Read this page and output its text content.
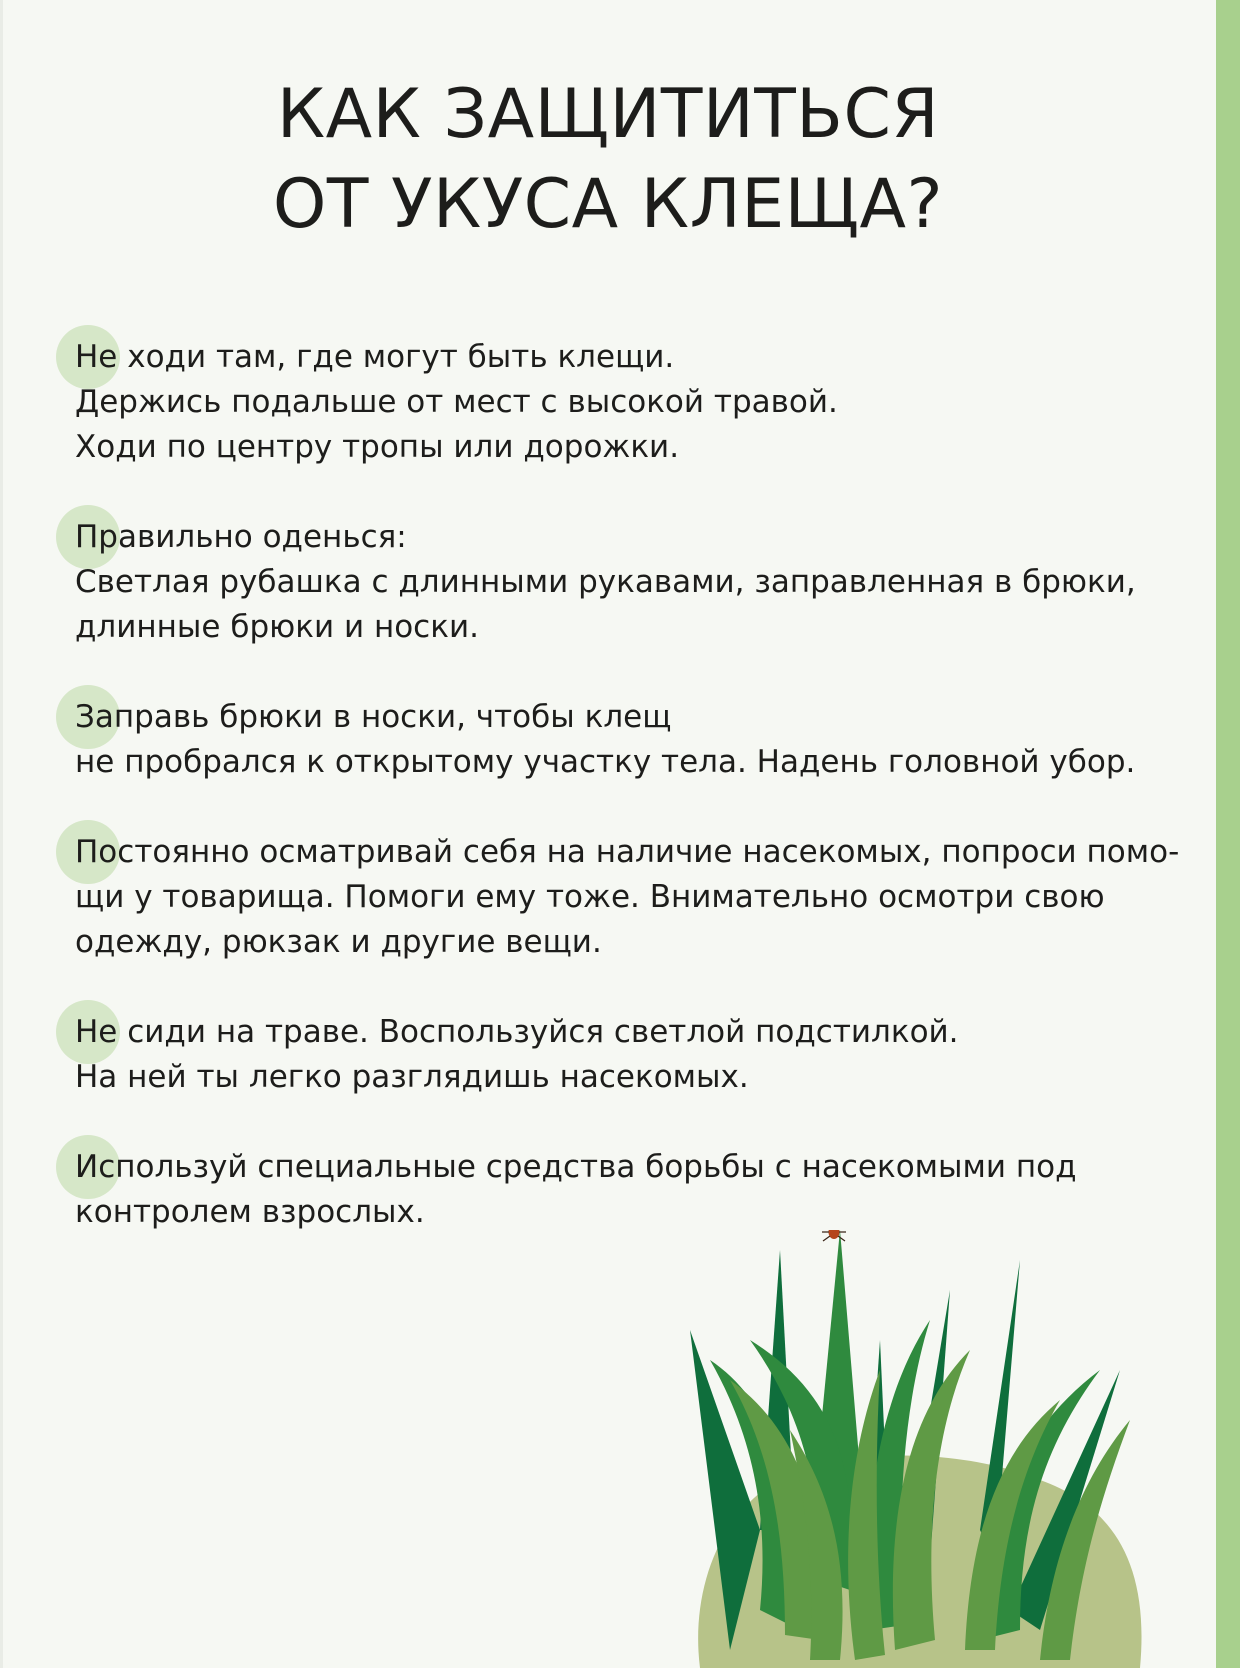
КАК ЗАЩИТИТЬСЯ
ОТ УКУСА КЛЕЩА?
Не ходи там, где могут быть клещи.
Держись подальше от мест с высокой травой.
Ходи по центру тропы или дорожки.
Правильно оденься:
Светлая рубашка с длинными рукавами, заправленная в брюки,
длинные брюки и носки.
Заправь брюки в носки, чтобы клещ
не пробрался к открытому участку тела. Надень головной убор.
Постоянно осматривай себя на наличие насекомых, попроси помо-
щи у товарища. Помоги ему тоже. Внимательно осмотри свою
одежду, рюкзак и другие вещи.
Не сиди на траве. Воспользуйся светлой подстилкой.
На ней ты легко разглядишь насекомых.
Используй специальные средства борьбы с насекомыми под
контролем взрослых.
